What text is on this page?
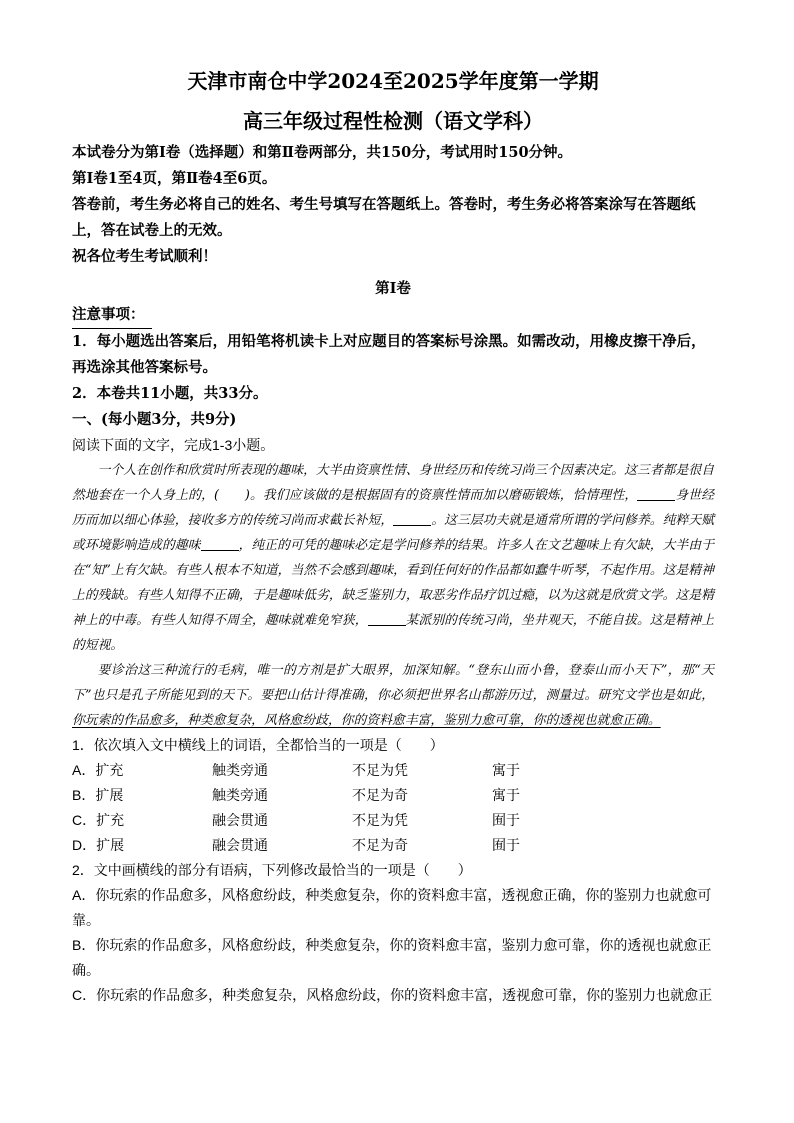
天津市南仓中学2024至2025学年度第一学期
高三年级过程性检测（语文学科）
本试卷分为第Ⅰ卷（选择题）和第Ⅱ卷两部分，共150分，考试用时150分钟。
第Ⅰ卷1至4页，第Ⅱ卷4至6页。
答卷前，考生务必将自己的姓名、考生号填写在答题纸上。答卷时，考生务必将答案涂写在答题纸上，答在试卷上的无效。
祝各位考生考试顺利！
第Ⅰ卷
注意事项：
1．每小题选出答案后，用铅笔将机读卡上对应题目的答案标号涂黑。如需改动，用橡皮擦干净后，再选涂其他答案标号。
2．本卷共11小题，共33分。
一、(每小题3分，共9分)
阅读下面的文字，完成1-3小题。

一个人在创作和欣赏时所表现的趣味，大半由资禀性情、身世经历和传统习尚三个因素决定。这三者都是很自然地套在一个人身上的，(　　)。我们应该做的是根据固有的资禀性情而加以磨砺锻炼，恰情理性，	身世经历而加以细心体验，接收多方的传统习尚而求截长补短，	。这三层功夫就是通常所谓的学问修养。纯粹天赋或环境影响造成的趣味	，纯正的可凭的趣味必定是学问修养的结果。许多人在文艺趣味上有欠缺，大半由于在“知”上有欠缺。有些人根本不知道，当然不会感到趣味，看到任何好的作品都如蠢牛听琴，不起作用。这是精神上的残缺。有些人知得不正确，于是趣味低劣，缺乏鉴别力，取恶劣作品疗饥过瘾，以为这就是欣赏文学。这是精神上的中毒。有些人知得不周全，趣味就难免窄狭，	某派别的传统习尚，坐井观天，不能自拔。这是精神上的短视。

要诊治这三种流行的毛病，唯一的方剂是扩大眼界，加深知解。“登东山而小鲁，登泰山而小天下”，那“天下”也只是孔子所能见到的天下。要把山估计得准确，你必须把世界名山都游历过，测量过。研究文学也是如此，你玩索的作品愈多，种类愈复杂，风格愈纷歧，你的资料愈丰富，鉴别力愈可靠，你的透视也就愈正确。

1．依次填入文中横线上的词语，全都恰当的一项是（　　）
A．扩充	触类旁通	不足为凭	寓于
B．扩展	触类旁通	不足为奇	寓于
C．扩充	融会贯通	不足为凭	囿于
D．扩展	融会贯通	不足为奇	囿于
2．文中画横线的部分有语病，下列修改最恰当的一项是（　　）
A．你玩索的作品愈多，风格愈纷歧，种类愈复杂，你的资料愈丰富，透视愈正确，你的鉴别力也就愈可靠。
B．你玩索的作品愈多，风格愈纷歧，种类愈复杂，你的资料愈丰富，鉴别力愈可靠，你的透视也就愈正确。
C．你玩索的作品愈多，种类愈复杂，风格愈纷歧，你的资料愈丰富，透视愈可靠，你的鉴别力也就愈正
